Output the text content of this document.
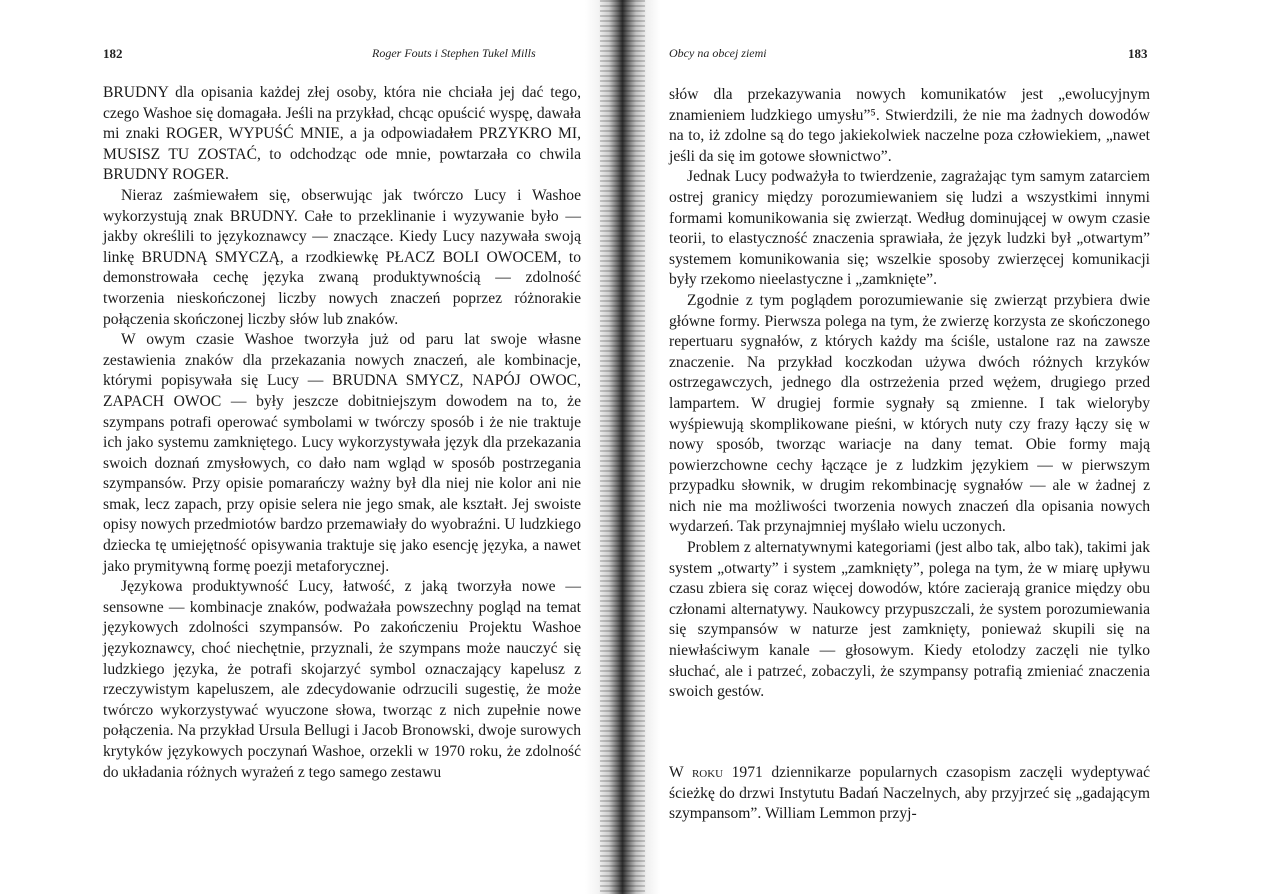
182	Roger Fouts i Stephen Tukel Mills

BRUDNY dla opisania każdej złej osoby, która nie chciała jej dać tego, czego Washoe się domagała. Jeśli na przykład, chcąc opuścić wyspę, dawała mi znaki ROGER, WYPUŚĆ MNIE, a ja odpowiadałem PRZYKRO MI, MUSISZ TU ZOSTAĆ, to odchodząc ode mnie, powtarzała co chwila BRUDNY ROGER.

Nieraz zaśmiewałem się, obserwując jak twórczo Lucy i Washoe wykorzystują znak BRUDNY. Całe to przeklinanie i wyzywanie było — jakby określili to językoznawcy — znaczące. Kiedy Lucy nazywała swoją linkę BRUDNĄ SMYCZĄ, a rzodkiewkę PŁACZ BOLI OWOCEM, to demonstrowała cechę języka zwaną produktywnością — zdolność tworzenia nieskończonej liczby nowych znaczeń poprzez różnorakie połączenia skończonej liczby słów lub znaków.

W owym czasie Washoe tworzyła już od paru lat swoje własne zestawienia znaków dla przekazania nowych znaczeń, ale kombinacje, którymi popisywała się Lucy — BRUDNA SMYCZ, NAPÓJ OWOC, ZAPACH OWOC — były jeszcze dobitniejszym dowodem na to, że szympans potrafi operować symbolami w twórczy sposób i że nie traktuje ich jako systemu zamkniętego. Lucy wykorzystywała język dla przekazania swoich doznań zmysłowych, co dało nam wgląd w sposób postrzegania szympansów. Przy opisie pomarańczy ważny był dla niej nie kolor ani nie smak, lecz zapach, przy opisie selera nie jego smak, ale kształt. Jej swoiste opisy nowych przedmiotów bardzo przemawiały do wyobraźni. U ludzkiego dziecka tę umiejętność opisywania traktuje się jako esencję języka, a nawet jako prymitywną formę poezji metaforycznej.

Językowa produktywność Lucy, łatwość, z jaką tworzyła nowe — sensowne — kombinacje znaków, podważała powszechny pogląd na temat językowych zdolności szympansów. Po zakończeniu Projektu Washoe językoznawcy, choć niechętnie, przyznali, że szympans może nauczyć się ludzkiego języka, że potrafi skojarzyć symbol oznaczający kapelusz z rzeczywistym kapeluszem, ale zdecydowanie odrzucili sugestię, że może twórczo wykorzystywać wyuczone słowa, tworząc z nich zupełnie nowe połączenia. Na przykład Ursula Bellugi i Jacob Bronowski, dwoje surowych krytyków językowych poczynań Washoe, orzekli w 1970 roku, że zdolność do układania różnych wyrażeń z tego samego zestawu

Obcy na obcej ziemi	183

słów dla przekazywania nowych komunikatów jest „ewolucyjnym znamieniem ludzkiego umysłu”⁵. Stwierdzili, że nie ma żadnych dowodów na to, iż zdolne są do tego jakiekolwiek naczelne poza człowiekiem, „nawet jeśli da się im gotowe słownictwo”.

Jednak Lucy podważyła to twierdzenie, zagrażając tym samym zatarciem ostrej granicy między porozumiewaniem się ludzi a wszystkimi innymi formami komunikowania się zwierząt. Według dominującej w owym czasie teorii, to elastyczność znaczenia sprawiała, że język ludzki był „otwartym” systemem komunikowania się; wszelkie sposoby zwierzęcej komunikacji były rzekomo nieelastyczne i „zamknięte”.

Zgodnie z tym poglądem porozumiewanie się zwierząt przybiera dwie główne formy. Pierwsza polega na tym, że zwierzę korzysta ze skończonego repertuaru sygnałów, z których każdy ma ściśle, ustalone raz na zawsze znaczenie. Na przykład koczkodan używa dwóch różnych krzyków ostrzegawczych, jednego dla ostrzeżenia przed wężem, drugiego przed lampartem. W drugiej formie sygnały są zmienne. I tak wieloryby wyśpiewują skomplikowane pieśni, w których nuty czy frazy łączy się w nowy sposób, tworząc wariacje na dany temat. Obie formy mają powierzchowne cechy łączące je z ludzkim językiem — w pierwszym przypadku słownik, w drugim rekombinację sygnałów — ale w żadnej z nich nie ma możliwości tworzenia nowych znaczeń dla opisania nowych wydarzeń. Tak przynajmniej myślało wielu uczonych.

Problem z alternatywnymi kategoriami (jest albo tak, albo tak), takimi jak system „otwarty” i system „zamknięty”, polega na tym, że w miarę upływu czasu zbiera się coraz więcej dowodów, które zacierają granice między obu członami alternatywy. Naukowcy przypuszczali, że system porozumiewania się szympansów w naturze jest zamknięty, ponieważ skupili się na niewłaściwym kanale — głosowym. Kiedy etolodzy zaczęli nie tylko słuchać, ale i patrzeć, zobaczyli, że szympansy potrafią zmieniać znaczenia swoich gestów.

W roku 1971 dziennikarze popularnych czasopism zaczęli wydeptywać ścieżkę do drzwi Instytutu Badań Naczelnych, aby przyjrzeć się „gadającym szympansom”. William Lemmon przyj-
